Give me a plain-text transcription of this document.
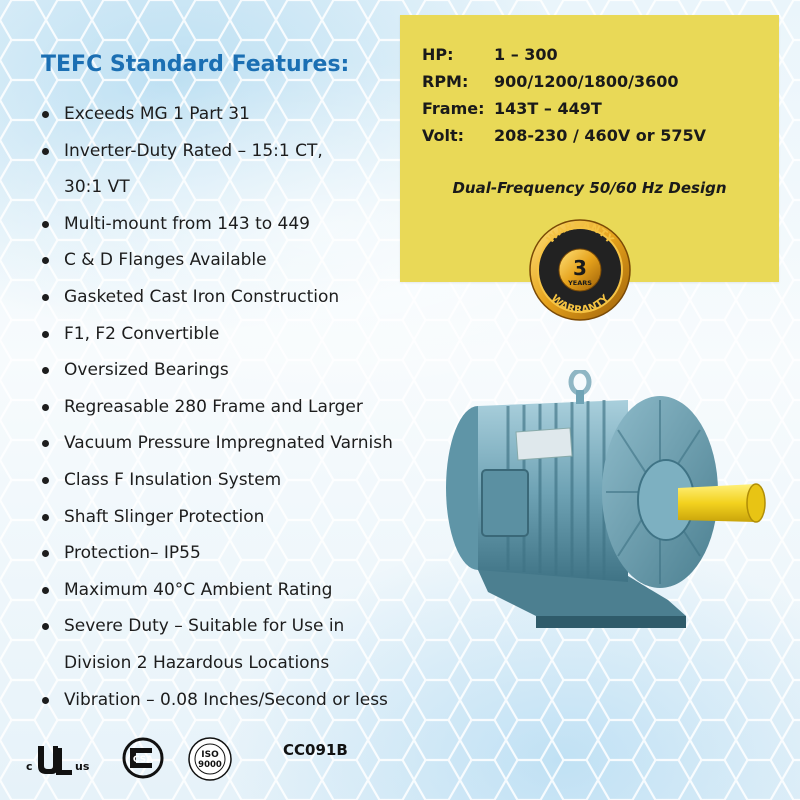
TEFC Standard Features:
Exceeds MG 1 Part 31
Inverter-Duty Rated – 15:1 CT,
30:1 VT
Multi-mount from 143 to 449
C & D Flanges Available
Gasketed Cast Iron Construction
F1, F2 Convertible
Oversized Bearings
Regreasable 280 Frame and Larger
Vacuum Pressure Impregnated Varnish
Class F Insulation System
Shaft Slinger Protection
Protection– IP55
Maximum 40°C Ambient Rating
Severe Duty – Suitable for Use in
Division 2 Hazardous Locations
Vibration – 0.08 Inches/Second or less
HP:	1 – 300
RPM: 900/1200/1800/3600
Frame: 143T – 449T
Volt: 208-230 / 460V or 575V
Dual-Frequency 50/60 Hz Design
WARRANTY
WARRANTY
3
YEARS
c	us	CSA	ISO
9000
CC091B
